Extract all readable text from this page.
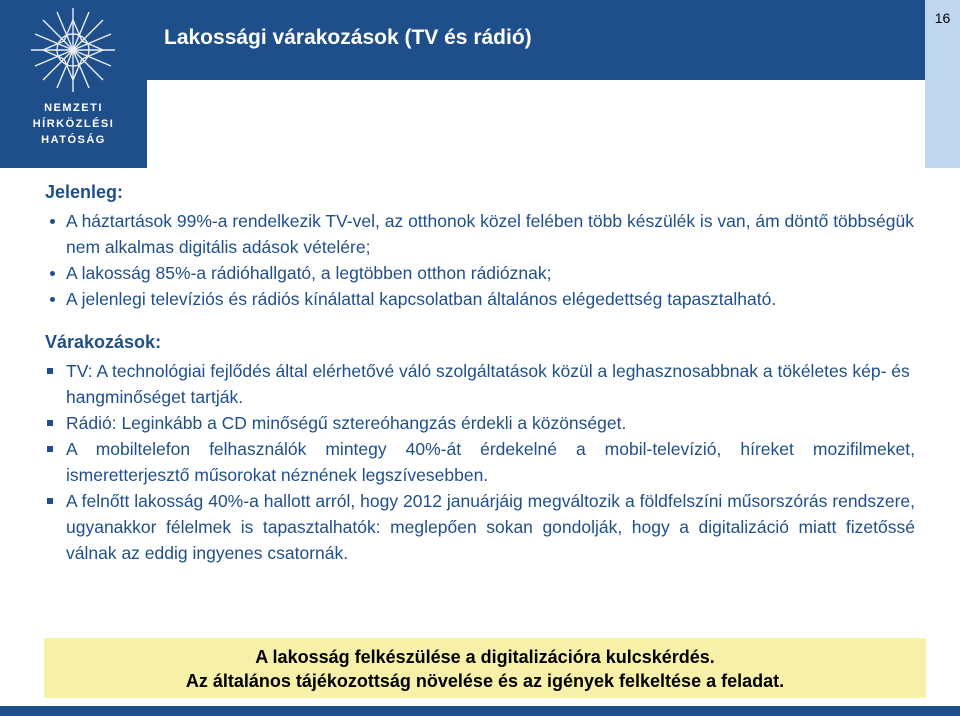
NEMZETI
HÍRKÖZLÉSI
HATÓSÁG
Lakossági várakozások (TV és rádió)
16
Jelenleg:
A háztartások 99%-a rendelkezik TV-vel, az otthonok közel felében több készülék is van, ám döntő többségük nem alkalmas digitális adások vételére;
A lakosság 85%-a rádióhallgató, a legtöbben otthon rádióznak;
A jelenlegi televíziós és rádiós kínálattal kapcsolatban általános elégedettség tapasztalható.
Várakozások:
TV: A technológiai fejlődés által elérhetővé váló szolgáltatások közül a leghasznosabbnak a tökéletes kép- és hangminőséget tartják.
Rádió: Leginkább a CD minőségű sztereóhangzás érdekli a közönséget.
A mobiltelefon felhasználók mintegy 40%-át érdekelné a mobil-televízió, híreket mozifilmeket, ismeretterjesztő műsorokat néznének legszívesebben.
A felnőtt lakosság 40%-a hallott arról, hogy 2012 januárjáig megváltozik a földfelszíni műsorszórás rendszere, ugyanakkor félelmek is tapasztalhatók: meglepően sokan gondolják, hogy a digitalizáció miatt fizetőssé válnak az eddig ingyenes csatornák.
A lakosság felkészülése a digitalizációra kulcskérdés.
Az általános tájékozottság növelése és az igények felkeltése a feladat.
